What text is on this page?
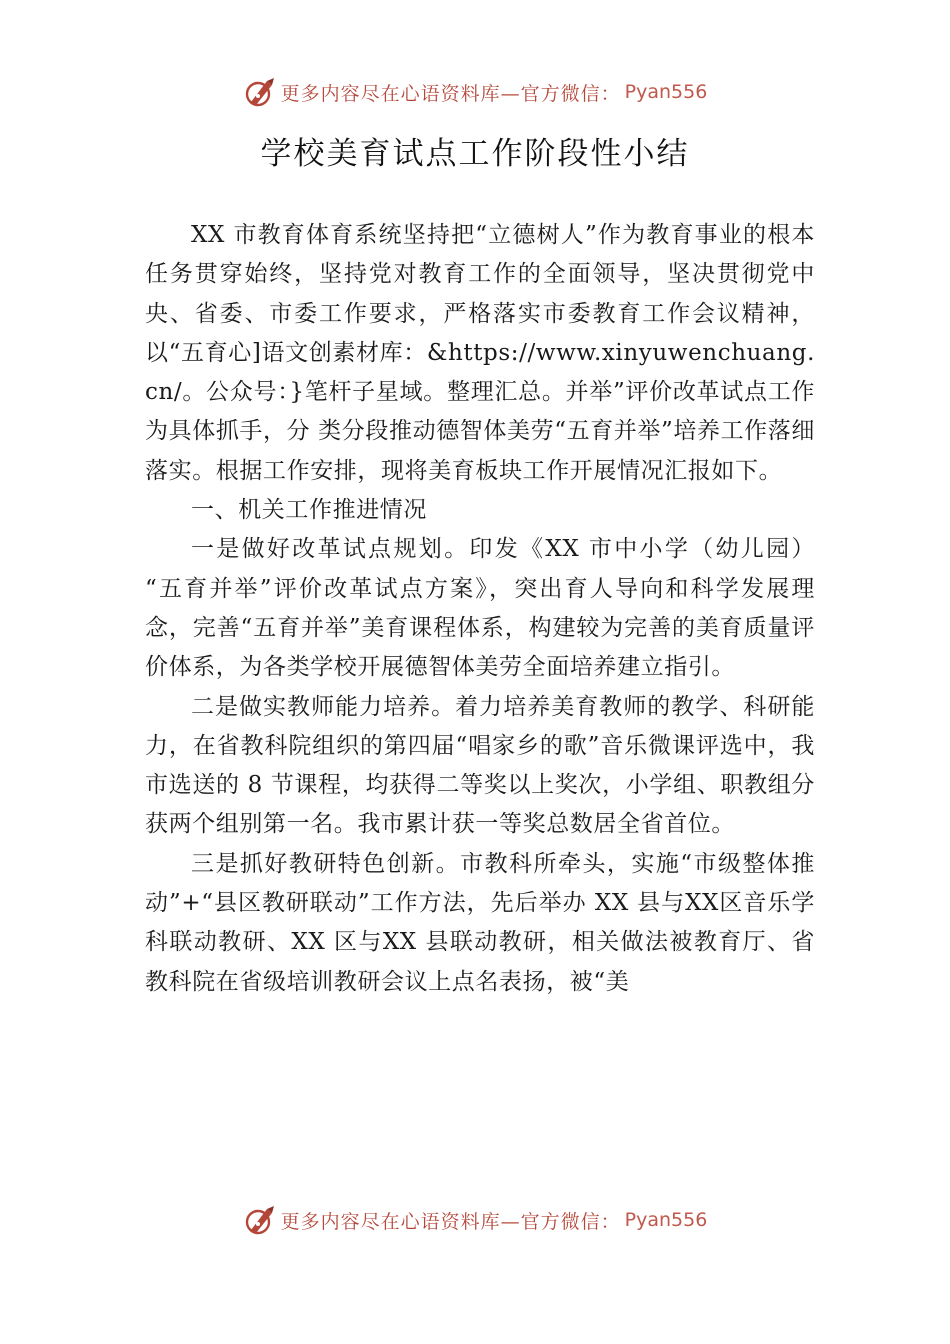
更多内容尽在心语资料库—官方微信： Pyan556
学校美育试点工作阶段性小结

XX 市教育体育系统坚持把“立德树人”作为教育事业的根本任务贯穿始终，坚持党对教育工作的全面领导，坚决贯彻党中央、省委、市委工作要求，严格落实市委教育工作会议精神，以“五育心]语文创素材库：&https://www.xinyuwenchuang.cn/。公众号：}笔杆子星域。整理汇总。并举”评价改革试点工作为具体抓手，分 类分段推动德智体美劳“五育并举”培养工作落细落实。根据工作安排，现将美育板块工作开展情况汇报如下。

一、机关工作推进情况

一是做好改革试点规划。印发《XX 市中小学（幼儿园） “五育并举”评价改革试点方案》，突出育人导向和科学发展理念，完善“五育并举”美育课程体系，构建较为完善的美育质量评价体系，为各类学校开展德智体美劳全面培养建立指引。

二是做实教师能力培养。着力培养美育教师的教学、科研能力，在省教科院组织的第四届“唱家乡的歌”音乐微课评选中，我市选送的 8 节课程，均获得二等奖以上奖次，小学组、职教组分获两个组别第一名。我市累计获一等奖总数居全省首位。

三是抓好教研特色创新。市教科所牵头，实施“市级整体推动”+“县区教研联动”工作方法，先后举办 XX 县与XX区音乐学科联动教研、XX 区与XX 县联动教研，相关做法被教育厅、省教科院在省级培训教研会议上点名表扬，被“美

更多内容尽在心语资料库—官方微信： Pyan556
